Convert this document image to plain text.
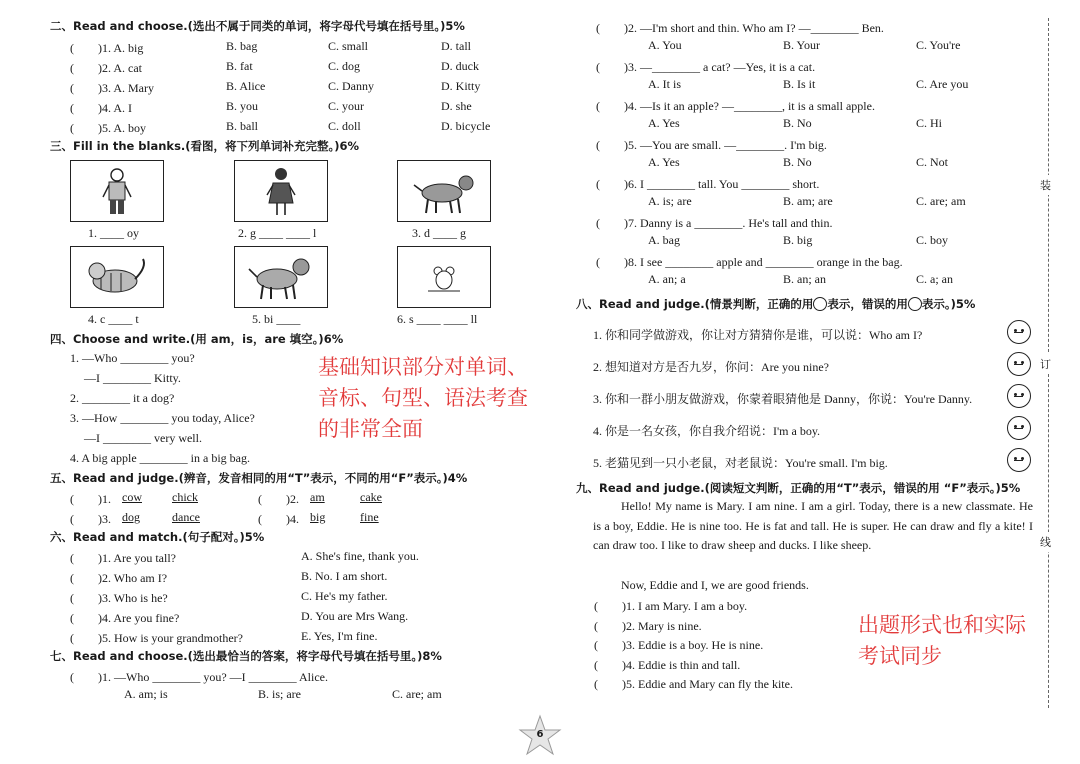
二、Read and choose.(选出不属于同类的单词，将字母代号填在括号里。)5%
(　　)1. A. big	B. bag	C. small	D. tall
(　　)2. A. cat	B. fat	C. dog	D. duck
(　　)3. A. Mary	B. Alice	C. Danny	D. Kitty
(　　)4. A. I	B. you	C. your	D. she
(　　)5. A. boy	B. ball	C. doll	D. bicycle
三、Fill in the blanks.(看图，将下列单词补充完整。)6%
1. ____ oy	2. g ____ ____ l	3. d ____ g
4. c ____ t	5. bi ____	6. s ____ ____ ll
四、Choose and write.(用 am，is，are 填空。)6%
1. —Who ________ you?
—I ________ Kitty.
2. ________ it a dog?
3. —How ________ you today, Alice?
—I ________ very well.
4. A big apple ________ in a big bag.
五、Read and judge.(辨音，发音相同的用“T”表示，不同的用“F”表示。)4%
(　　)1. cow	chick	(　　)2. am	cake
(　　)3. dog	dance	(　　)4. big	fine
六、Read and match.(句子配对。)5%
(　　)1. Are you tall?	A. She's fine, thank you.
(　　)2. Who am I?	B. No. I am short.
(　　)3. Who is he?	C. He's my father.
(　　)4. Are you fine?	D. You are Mrs Wang.
(　　)5. How is your grandmother?	E. Yes, I'm fine.
七、Read and choose.(选出最恰当的答案，将字母代号填在括号里。)8%
(　　)1. —Who ________ you? —I ________ Alice.
A. am; is	B. is; are	C. are; am
(　　)2. —I'm short and thin. Who am I? —________ Ben.
A. You	B. Your	C. You're
(　　)3. —________ a cat? —Yes, it is a cat.
A. It is	B. Is it	C. Are you
(　　)4. —Is it an apple? —________, it is a small apple.
A. Yes	B. No	C. Hi
(　　)5. —You are small. —________. I'm big.
A. Yes	B. No	C. Not
(　　)6. I ________ tall. You ________ short.
A. is; are	B. am; are	C. are; am
(　　)7. Danny is a ________. He's tall and thin.
A. bag	B. big	C. boy
(　　)8. I see ________ apple and ________ orange in the bag.
A. an; a	B. an; an	C. a; an
八、Read and judge.(情景判断，正确的用 表示，错误的用 表示。)5%
1. 你和同学做游戏，你让对方猜猜你是谁，可以说：Who am I?
2. 想知道对方是否九岁，你问：Are you nine?
3. 你和一群小朋友做游戏，你蒙着眼猜他是 Danny，你说：You're Danny.
4. 你是一名女孩，你自我介绍说：I'm a boy.
5. 老猫见到一只小老鼠，对老鼠说：You're small. I'm big.
九、Read and judge.(阅读短文判断，正确的用“T”表示，错误的用 “F”表示。)5%
Hello! My name is Mary. I am nine. I am a girl. Today, there is a new classmate. He is a boy, Eddie. He is nine too. He is fat and tall. He is super. He can draw and fly a kite! I can draw too. I like to draw sheep and ducks. I like sheep.
Now, Eddie and I, we are good friends.
(　　)1. I am Mary. I am a boy.
(　　)2. Mary is nine.
(　　)3. Eddie is a boy. He is nine.
(　　)4. Eddie is thin and tall.
(　　)5. Eddie and Mary can fly the kite.
基础知识部分对单词、
音标、句型、语法考查
的非常全面
出题形式也和实际
考试同步
装
订
线
6
